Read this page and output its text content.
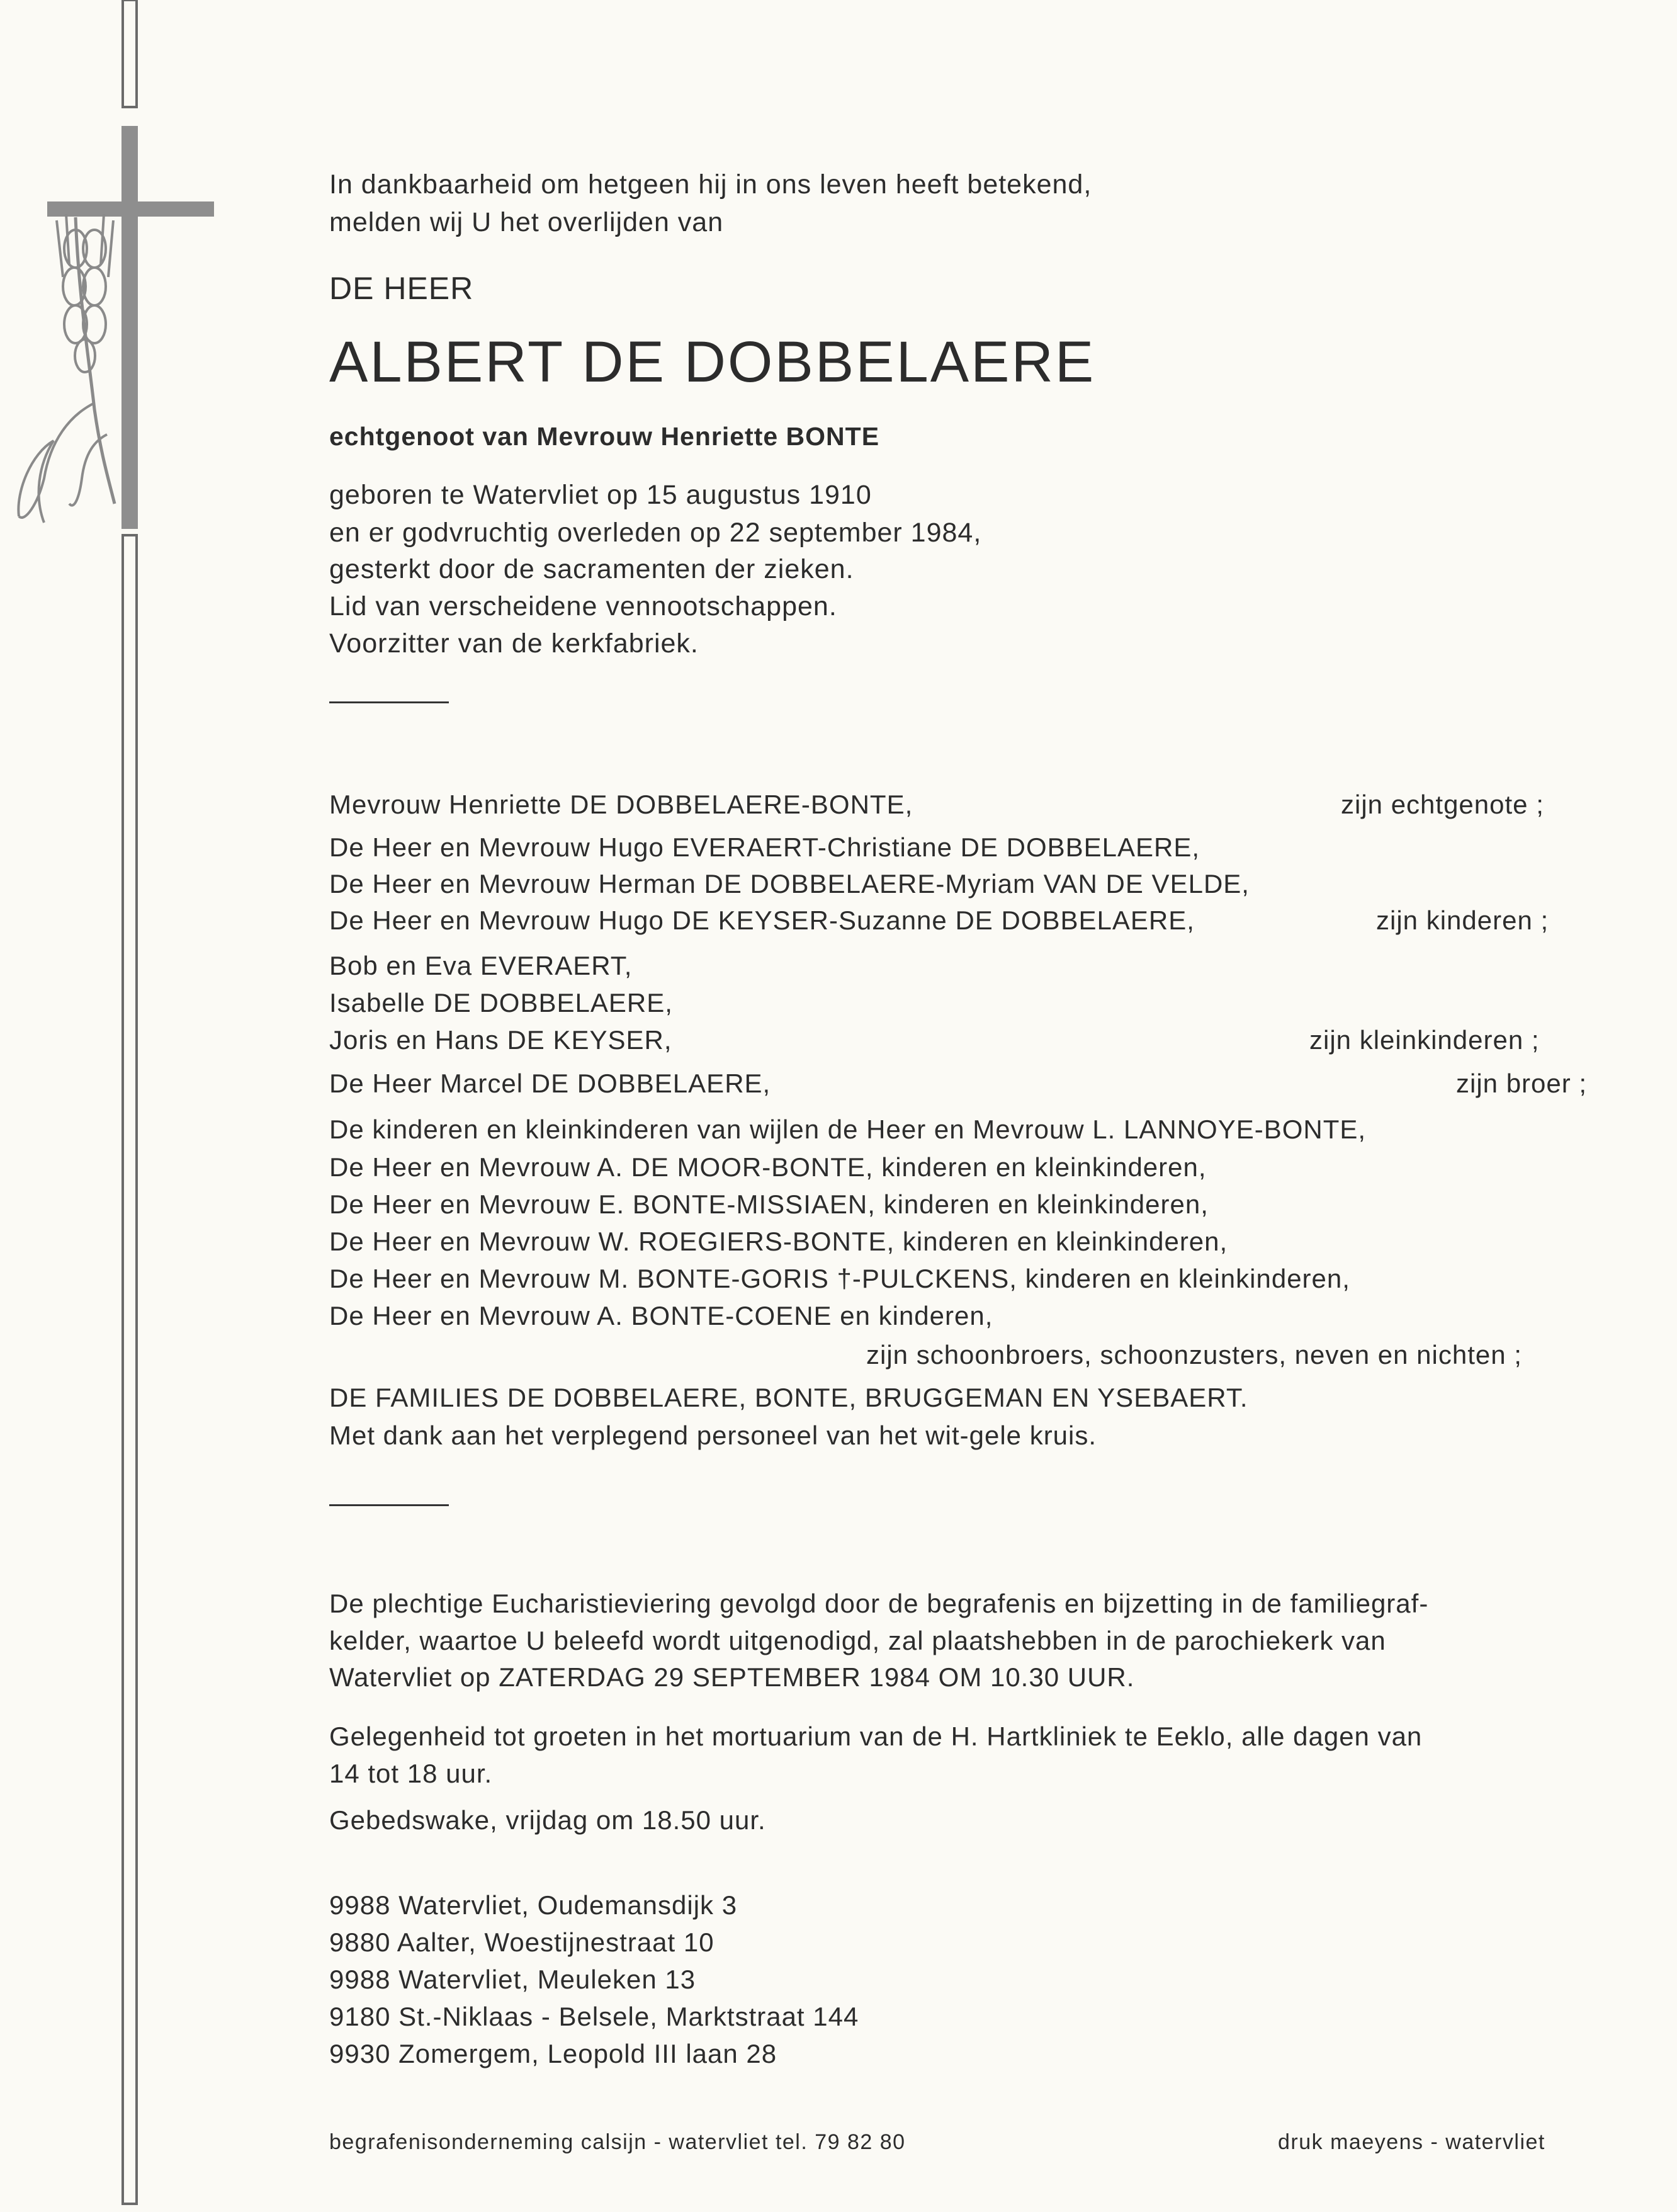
In dankbaarheid om hetgeen hij in ons leven heeft betekend,
melden wij U het overlijden van
DE HEER
ALBERT DE DOBBELAERE
echtgenoot van Mevrouw Henriette BONTE
geboren te Watervliet op 15 augustus 1910
en er godvruchtig overleden op 22 september 1984,
gesterkt door de sacramenten der zieken.
Lid van verscheidene vennootschappen.
Voorzitter van de kerkfabriek.
Mevrouw Henriette DE DOBBELAERE-BONTE,	zijn echtgenote ;
De Heer en Mevrouw Hugo EVERAERT-Christiane DE DOBBELAERE,
De Heer en Mevrouw Herman DE DOBBELAERE-Myriam VAN DE VELDE,
De Heer en Mevrouw Hugo DE KEYSER-Suzanne DE DOBBELAERE,	zijn kinderen ;
Bob en Eva EVERAERT,
Isabelle DE DOBBELAERE,
Joris en Hans DE KEYSER,	zijn kleinkinderen ;
De Heer Marcel DE DOBBELAERE,	zijn broer ;
De kinderen en kleinkinderen van wijlen de Heer en Mevrouw L. LANNOYE-BONTE,
De Heer en Mevrouw A. DE MOOR-BONTE, kinderen en kleinkinderen,
De Heer en Mevrouw E. BONTE-MISSIAEN, kinderen en kleinkinderen,
De Heer en Mevrouw W. ROEGIERS-BONTE, kinderen en kleinkinderen,
De Heer en Mevrouw M. BONTE-GORIS †-PULCKENS, kinderen en kleinkinderen,
De Heer en Mevrouw A. BONTE-COENE en kinderen,
zijn schoonbroers, schoonzusters, neven en nichten ;
DE FAMILIES DE DOBBELAERE, BONTE, BRUGGEMAN EN YSEBAERT.
Met dank aan het verplegend personeel van het wit-gele kruis.
De plechtige Eucharistieviering gevolgd door de begrafenis en bijzetting in de familiegraf-
kelder, waartoe U beleefd wordt uitgenodigd, zal plaatshebben in de parochiekerk van
Watervliet op ZATERDAG 29 SEPTEMBER 1984 OM 10.30 UUR.
Gelegenheid tot groeten in het mortuarium van de H. Hartkliniek te Eeklo, alle dagen van
14 tot 18 uur.
Gebedswake, vrijdag om 18.50 uur.
9988 Watervliet, Oudemansdijk 3
9880 Aalter, Woestijnestraat 10
9988 Watervliet, Meuleken 13
9180 St.-Niklaas - Belsele, Marktstraat 144
9930 Zomergem, Leopold III laan 28
begrafenisonderneming calsijn - watervliet tel. 79 82 80	druk maeyens - watervliet
